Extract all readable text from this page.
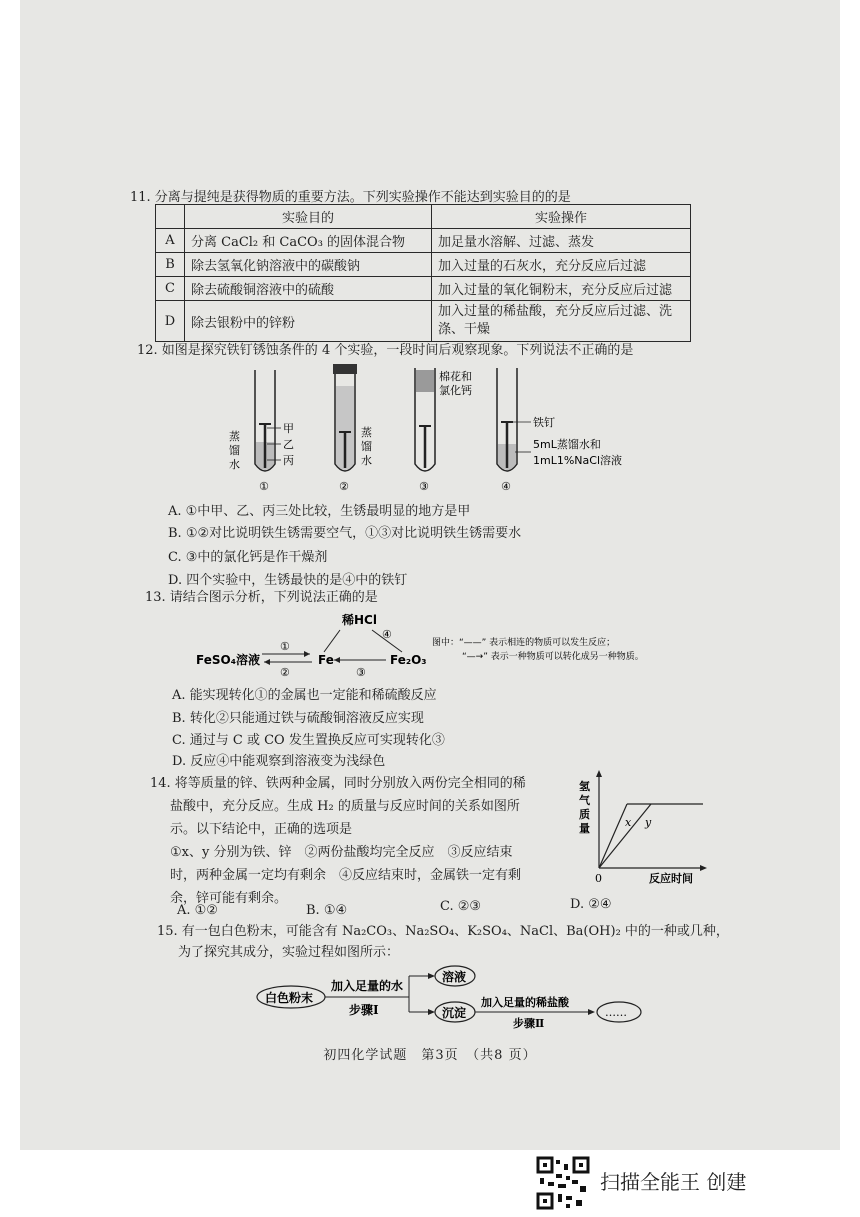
11. 分离与提纯是获得物质的重要方法。下列实验操作不能达到实验目的的是
	实验目的	实验操作
A	分离 CaCl₂ 和 CaCO₃ 的固体混合物	加足量水溶解、过滤、蒸发
B	除去氢氧化钠溶液中的碳酸钠	加入过量的石灰水，充分反应后过滤
C	除去硫酸铜溶液中的硫酸	加入过量的氧化铜粉末，充分反应后过滤
D	除去银粉中的锌粉	加入过量的稀盐酸，充分反应后过滤、洗涤、干燥
12. 如图是探究铁钉锈蚀条件的 4 个实验，一段时间后观察现象。下列说法不正确的是
甲
乙
丙
蒸馏水
①
蒸馏水
②
棉花和氯化钙
③
铁钉
5mL蒸馏水和
1mL1%NaCl溶液
④
A. ①中甲、乙、丙三处比较，生锈最明显的地方是甲
B. ①②对比说明铁生锈需要空气，①③对比说明铁生锈需要水
C. ③中的氯化钙是作干燥剂
D. 四个实验中，生锈最快的是④中的铁钉
13. 请结合图示分析，下列说法正确的是
稀HCl
④
FeSO₄溶液	Fe	Fe₂O₃
①
②	③
图中：“——” 表示相连的物质可以发生反应；
“—→” 表示一种物质可以转化成另一种物质。
A. 能实现转化①的金属也一定能和稀硫酸反应
B. 转化②只能通过铁与硫酸铜溶液反应实现
C. 通过与 C 或 CO 发生置换反应可实现转化③
D. 反应④中能观察到溶液变为浅绿色
14. 将等质量的锌、铁两种金属，同时分别放入两份完全相同的稀
盐酸中，充分反应。生成 H₂ 的质量与反应时间的关系如图所
示。以下结论中，正确的选项是
①x、y 分别为铁、锌　②两份盐酸均完全反应　③反应结束
时，两种金属一定均有剩余　④反应结束时，金属铁一定有剩
余，锌可能有剩余。
氢气质量	x y
0	反应时间
A. ①②	B. ①④	C. ②③	D. ②④
15. 有一包白色粉末，可能含有 Na₂CO₃、Na₂SO₄、K₂SO₄、NaCl、Ba(OH)₂ 中的一种或几种，
为了探究其成分，实验过程如图所示：
白色粉末
加入足量的水
步骤Ⅰ
溶液
沉淀
加入足量的稀盐酸
步骤Ⅱ
……
初四化学试题　第3页　（共8 页）
扫描全能王 创建
